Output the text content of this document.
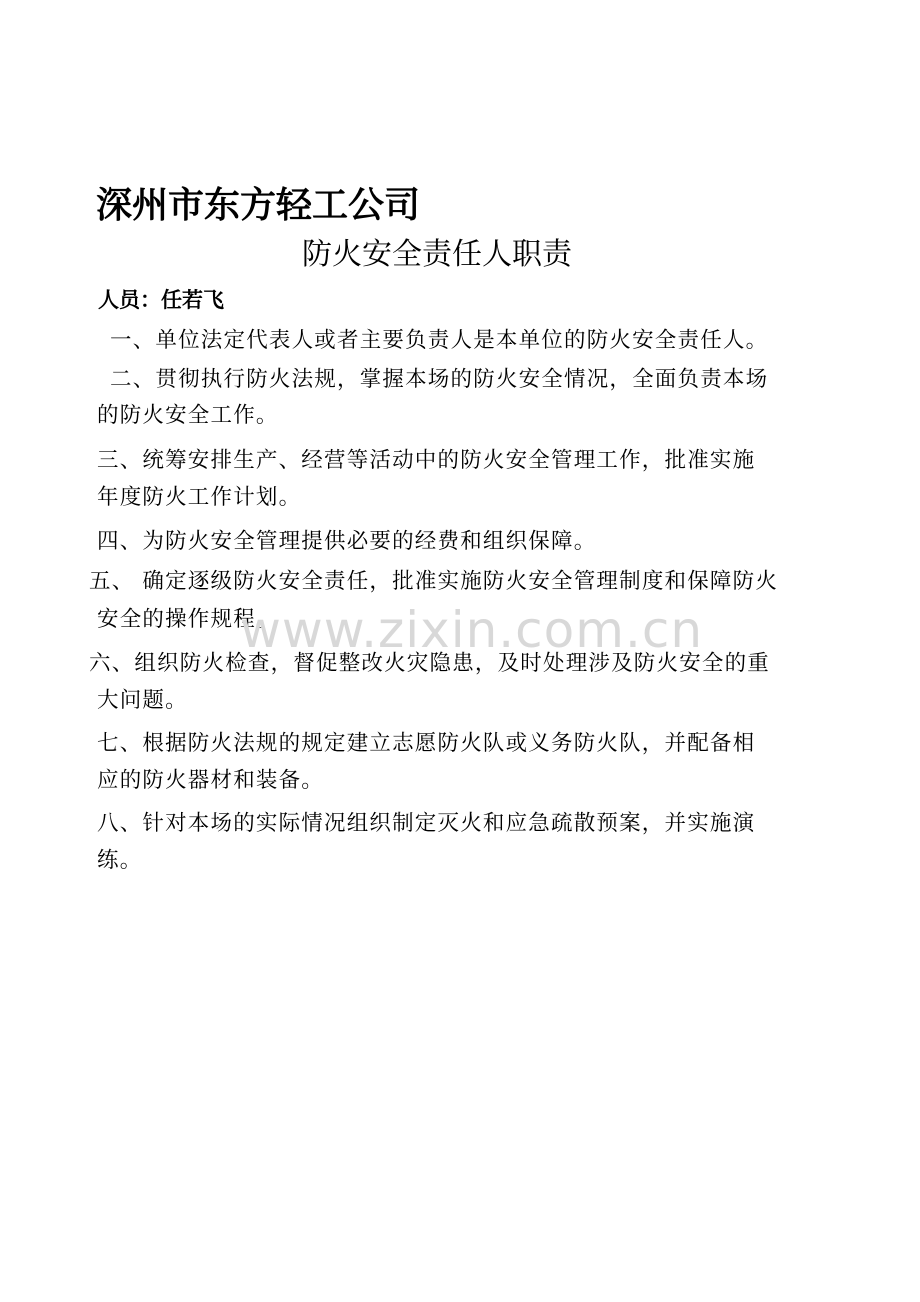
深州市东方轻工公司
防火安全责任人职责
人员：任若飞
一、单位法定代表人或者主要负责人是本单位的防火安全责任人。
二、贯彻执行防火法规，掌握本场的防火安全情况，全面负责本场
的防火安全工作。
三、统筹安排生产、经营等活动中的防火安全管理工作，批准实施
年度防火工作计划。
四、为防火安全管理提供必要的经费和组织保障。
五、 确定逐级防火安全责任，批准实施防火安全管理制度和保障防火
安全的操作规程。
六、组织防火检查，督促整改火灾隐患，及时处理涉及防火安全的重
大问题。
七、根据防火法规的规定建立志愿防火队或义务防火队，并配备相
应的防火器材和装备。
八、针对本场的实际情况组织制定灭火和应急疏散预案，并实施演
练。
www.zixin.com.cn
